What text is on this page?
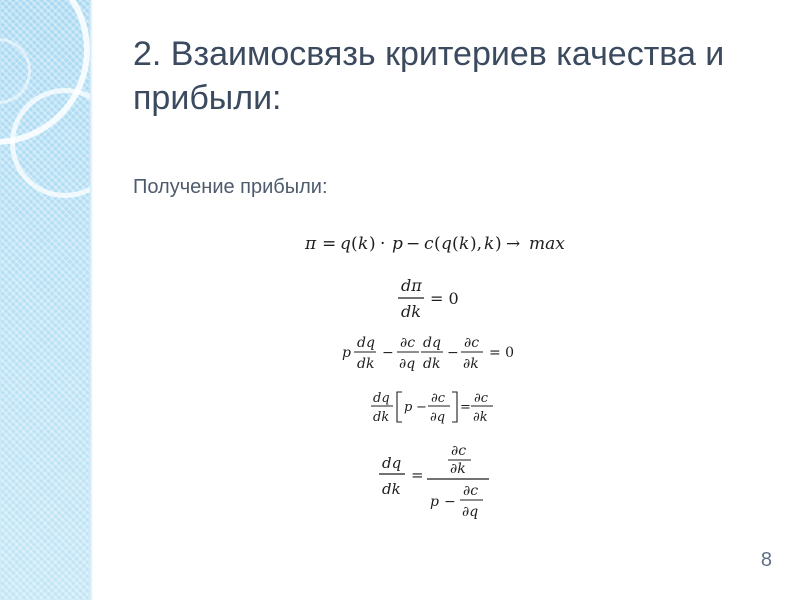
2. Взаимосвязь критериев качества и прибыли:
Получение прибыли:
π = q ( k ) · p − c ( q ( k ), k ) → max
dπ
dk
= 0
p
dq
dk
−
∂c
∂q
dq
dk
−
∂c
∂k
= 0
dq
dk
p −
∂c
∂q
=
∂c
∂k
dq
dk
=
∂c
∂k
p −
∂c
∂q
8
